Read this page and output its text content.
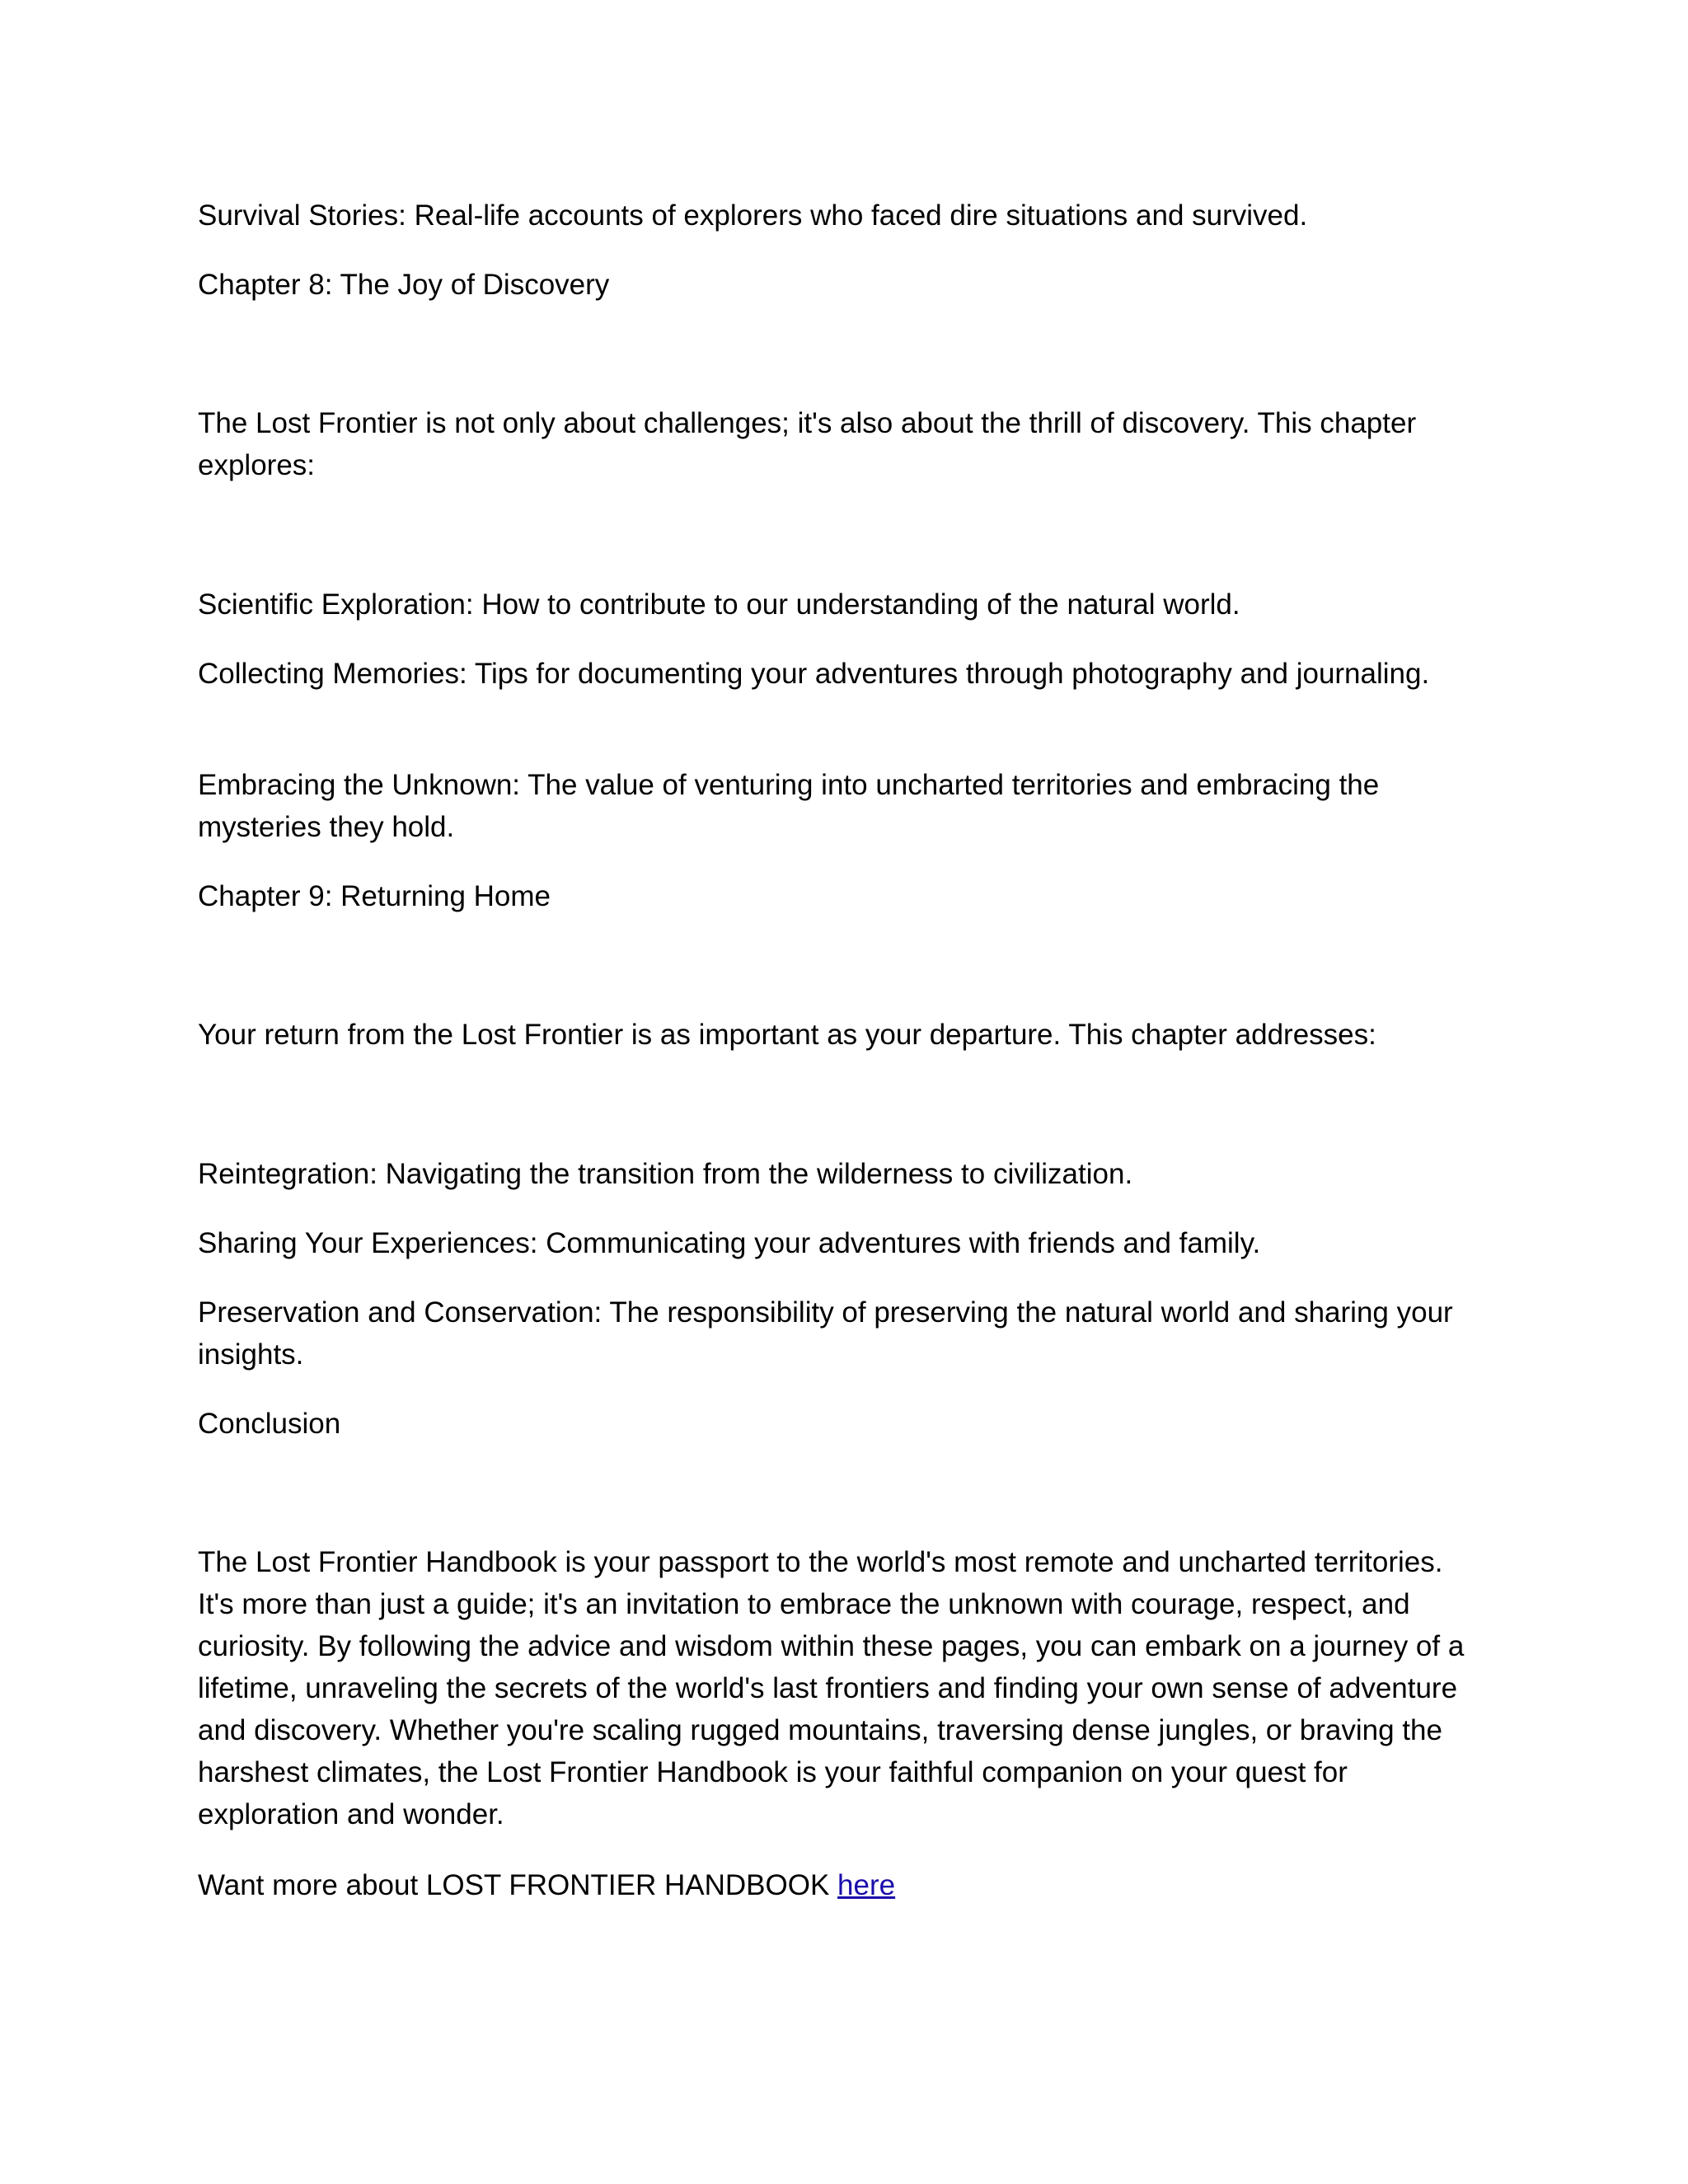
Survival Stories: Real-life accounts of explorers who faced dire situations and survived.

Chapter 8: The Joy of Discovery

The Lost Frontier is not only about challenges; it's also about the thrill of discovery. This chapter explores:

Scientific Exploration: How to contribute to our understanding of the natural world.

Collecting Memories: Tips for documenting your adventures through photography and journaling.

Embracing the Unknown: The value of venturing into uncharted territories and embracing the mysteries they hold.

Chapter 9: Returning Home

Your return from the Lost Frontier is as important as your departure. This chapter addresses:

Reintegration: Navigating the transition from the wilderness to civilization.

Sharing Your Experiences: Communicating your adventures with friends and family.

Preservation and Conservation: The responsibility of preserving the natural world and sharing your insights.

Conclusion

The Lost Frontier Handbook is your passport to the world's most remote and uncharted territories. It's more than just a guide; it's an invitation to embrace the unknown with courage, respect, and curiosity. By following the advice and wisdom within these pages, you can embark on a journey of a lifetime, unraveling the secrets of the world's last frontiers and finding your own sense of adventure and discovery. Whether you're scaling rugged mountains, traversing dense jungles, or braving the harshest climates, the Lost Frontier Handbook is your faithful companion on your quest for exploration and wonder.

Want more about LOST FRONTIER HANDBOOK here
